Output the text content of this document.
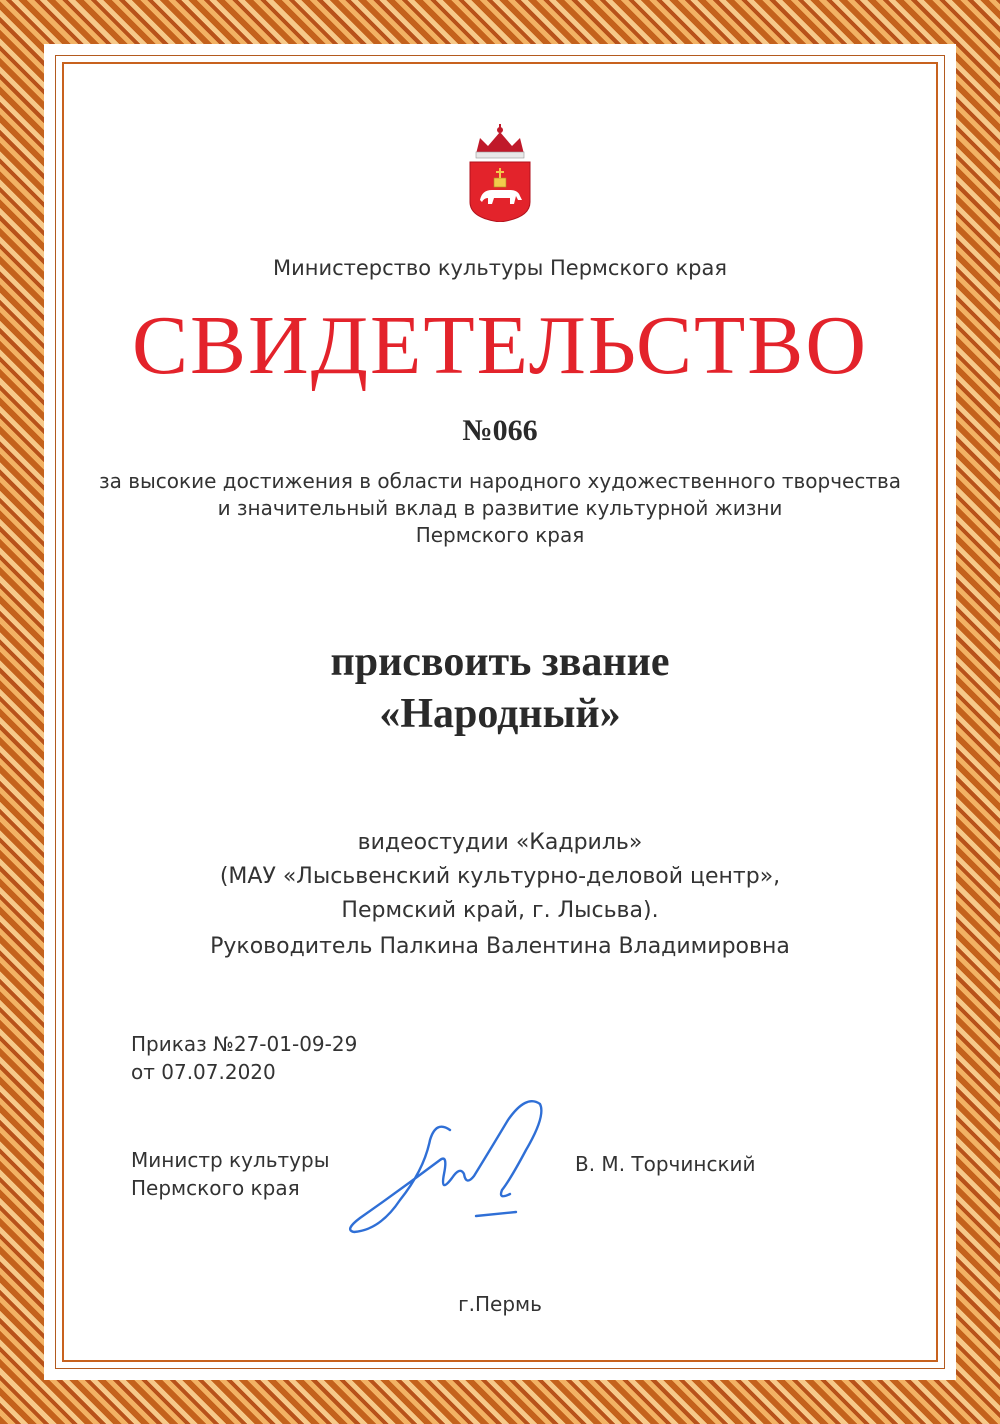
Министерство культуры Пермского края
СВИДЕТЕЛЬСТВО
№066
за высокие достижения в области народного художественного творчества
и значительный вклад в развитие культурной жизни
Пермского края
присвоить звание
«Народный»
видеостудии «Кадриль»
(МАУ «Лысьвенский культурно-деловой центр»,
Пермский край, г. Лысьва).
Руководитель Палкина Валентина Владимировна
Приказ №27-01-09-29
от 07.07.2020
Министр культуры
Пермского края
В. М. Торчинский
г.Пермь
